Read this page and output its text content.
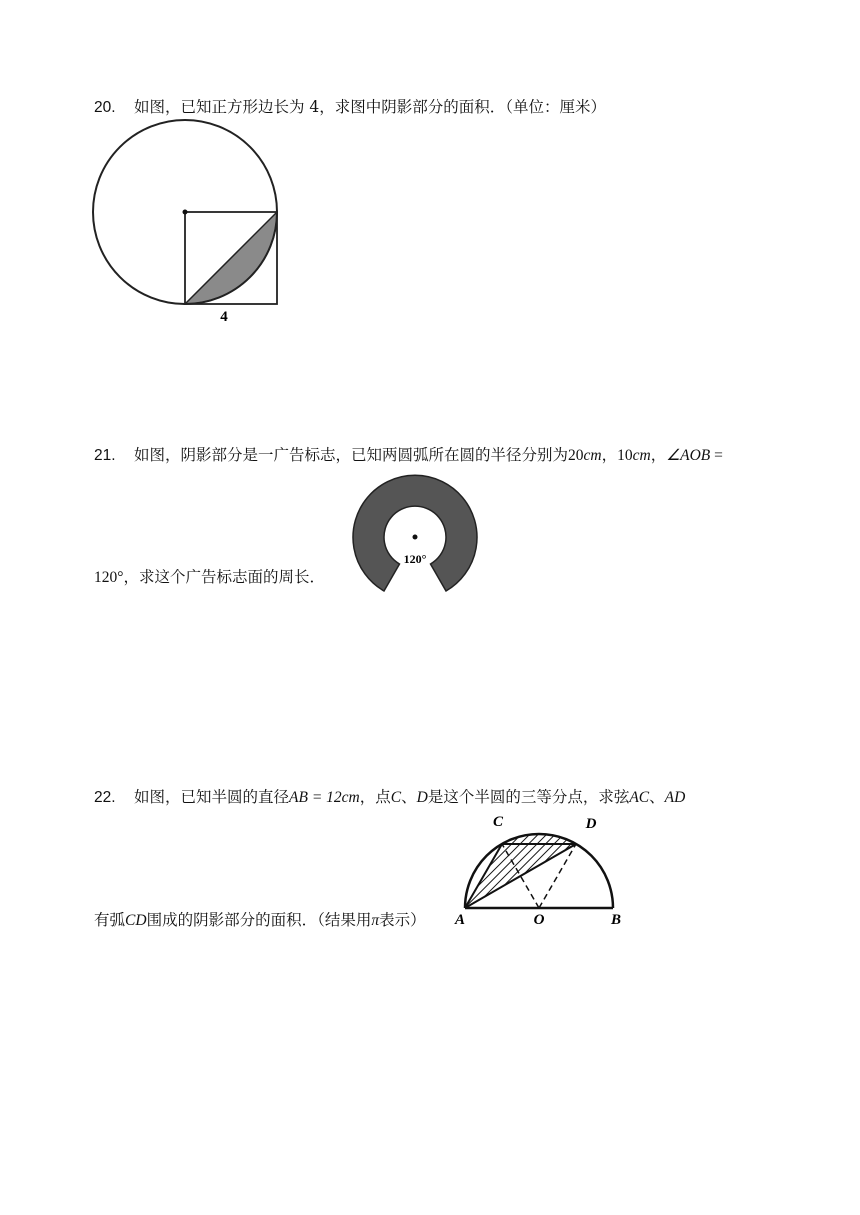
20. 如图，已知正方形边长为 4，求图中阴影部分的面积．（单位：厘米）
4
21. 如图，阴影部分是一广告标志，已知两圆弧所在圆的半径分别为20cm，10cm，∠AOB =
120°，求这个广告标志面的周长．
120°
22. 如图，已知半圆的直径AB = 12cm，点C、D是这个半圆的三等分点，求弦AC、AD
有弧CD围成的阴影部分的面积．（结果用π表示） A	O	B
C	D
